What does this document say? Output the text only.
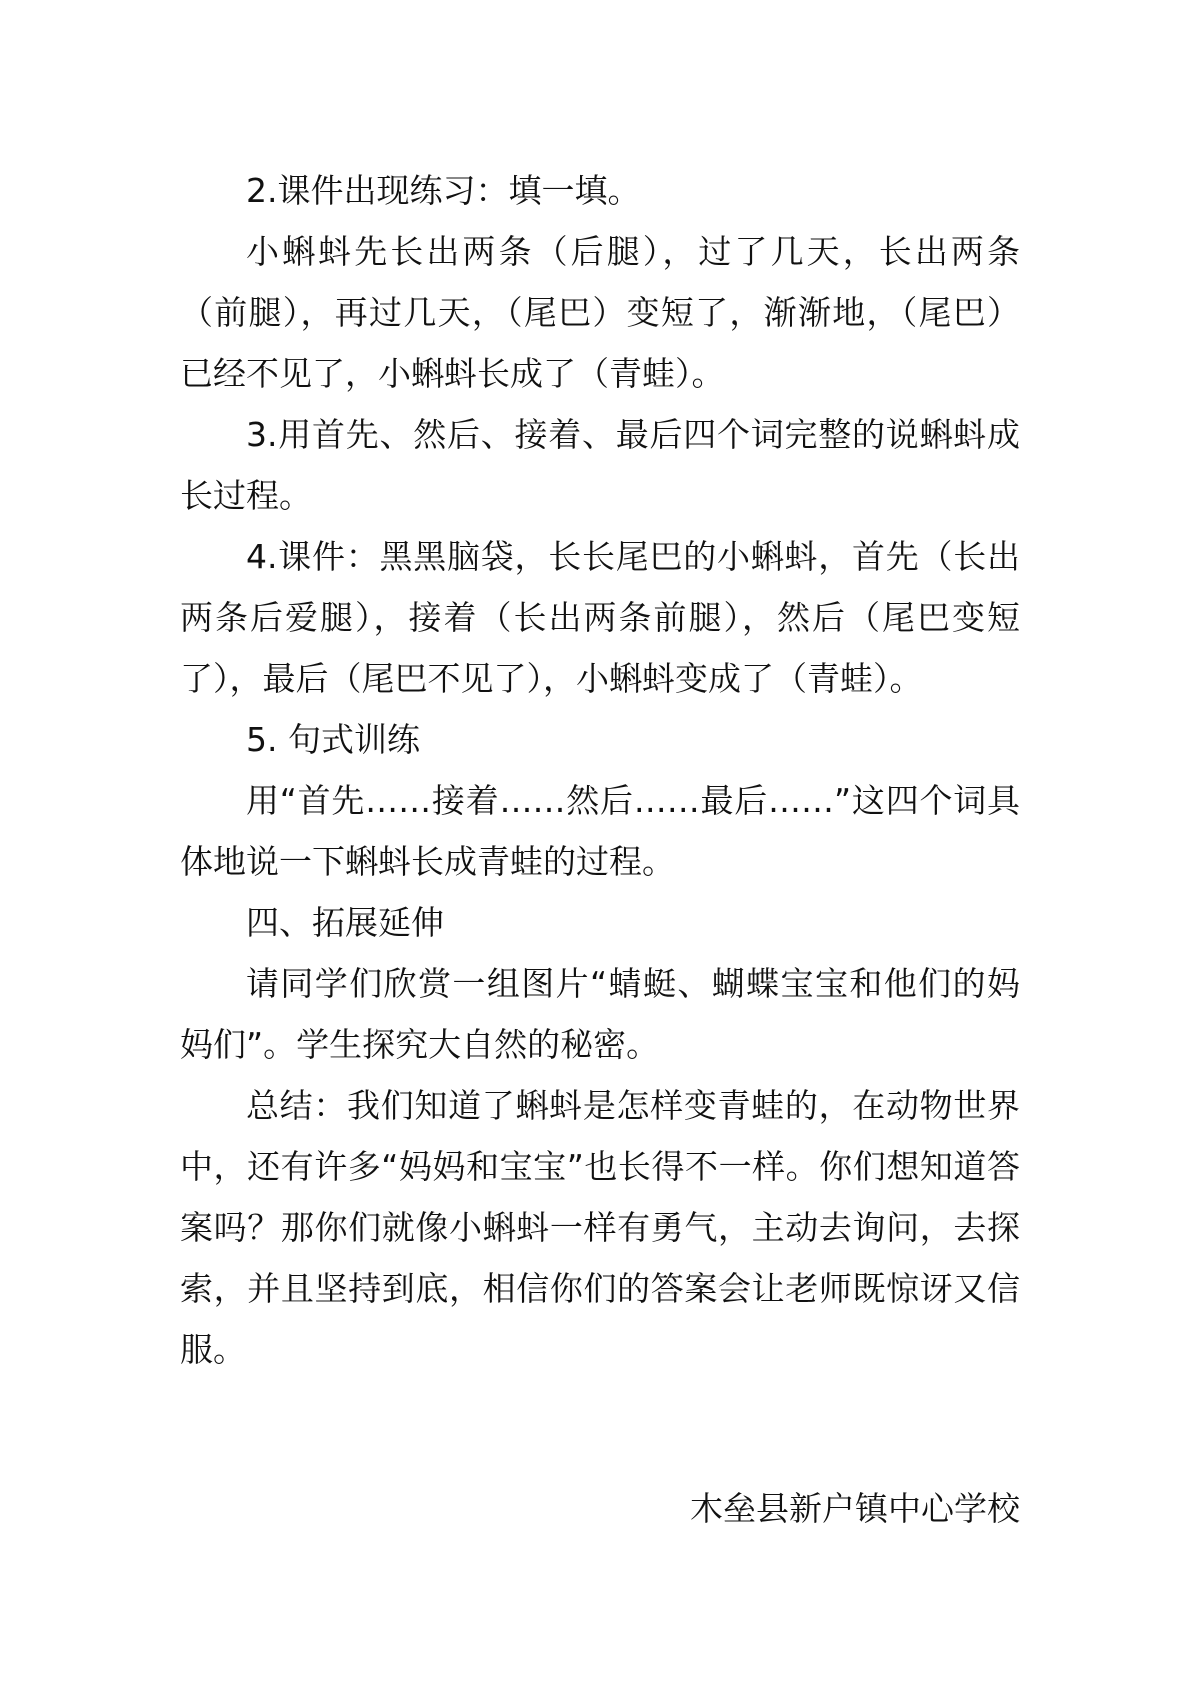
2.课件出现练习：填一填。

小蝌蚪先长出两条（后腿），过了几天，长出两条（前腿），再过几天，（尾巴）变短了，渐渐地，（尾巴）已经不见了，小蝌蚪长成了（青蛙）。

3.用首先、然后、接着、最后四个词完整的说蝌蚪成长过程。

4.课件：黑黑脑袋，长长尾巴的小蝌蚪，首先（长出两条后爱腿），接着（长出两条前腿），然后（尾巴变短了），最后（尾巴不见了），小蝌蚪变成了（青蛙）。

5. 句式训练

用“首先……接着……然后……最后……”这四个词具体地说一下蝌蚪长成青蛙的过程。

四、拓展延伸

请同学们欣赏一组图片“蜻蜓、蝴蝶宝宝和他们的妈妈们”。学生探究大自然的秘密。

总结：我们知道了蝌蚪是怎样变青蛙的，在动物世界中，还有许多“妈妈和宝宝”也长得不一样。你们想知道答案吗？那你们就像小蝌蚪一样有勇气，主动去询问，去探索，并且坚持到底，相信你们的答案会让老师既惊讶又信服。

木垒县新户镇中心学校
